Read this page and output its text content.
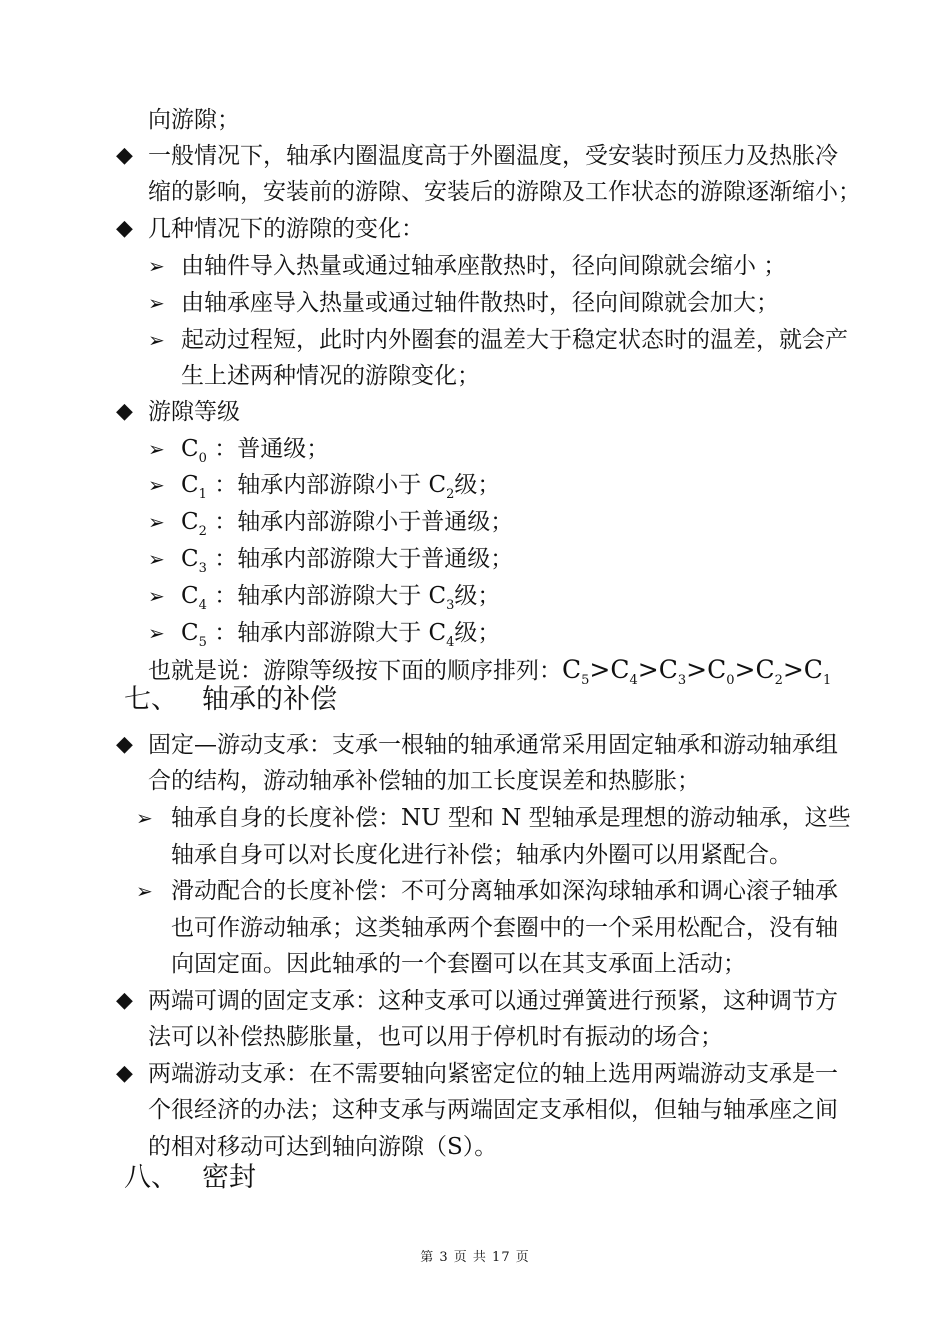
向游隙；
◆ 一般情况下，轴承内圈温度高于外圈温度，受安装时预压力及热胀冷
缩的影响，安装前的游隙、安装后的游隙及工作状态的游隙逐渐缩小；
◆ 几种情况下的游隙的变化：
➢ 由轴件导入热量或通过轴承座散热时，径向间隙就会缩小 ；
➢ 由轴承座导入热量或通过轴件散热时，径向间隙就会加大；
➢ 起动过程短，此时内外圈套的温差大于稳定状态时的温差，就会产
生上述两种情况的游隙变化；
◆ 游隙等级
➢ $C_0$ ：普通级；
➢ $C_1$ ：轴承内部游隙小于 $C_2$级；
➢ $C_2$ ：轴承内部游隙小于普通级；
➢ $C_3$ ：轴承内部游隙大于普通级；
➢ $C_4$ ：轴承内部游隙大于 $C_3$级；
➢ $C_5$ ：轴承内部游隙大于 $C_4$级；
也就是说：游隙等级按下面的顺序排列：$C_5>C_4>C_3>C_0>C_2>C_1$
七、 轴承的补偿
◆ 固定—游动支承：支承一根轴的轴承通常采用固定轴承和游动轴承组
合的结构，游动轴承补偿轴的加工长度误差和热膨胀；
➢ 轴承自身的长度补偿：NU 型和 N 型轴承是理想的游动轴承，这些
轴承自身可以对长度化进行补偿；轴承内外圈可以用紧配合。
➢ 滑动配合的长度补偿：不可分离轴承如深沟球轴承和调心滚子轴承
也可作游动轴承；这类轴承两个套圈中的一个采用松配合，没有轴
向固定面。因此轴承的一个套圈可以在其支承面上活动；
◆ 两端可调的固定支承：这种支承可以通过弹簧进行预紧，这种调节方
法可以补偿热膨胀量，也可以用于停机时有振动的场合；
◆ 两端游动支承：在不需要轴向紧密定位的轴上选用两端游动支承是一
个很经济的办法；这种支承与两端固定支承相似，但轴与轴承座之间
的相对移动可达到轴向游隙（S）。
八、 密封
第 3 页 共 17 页
